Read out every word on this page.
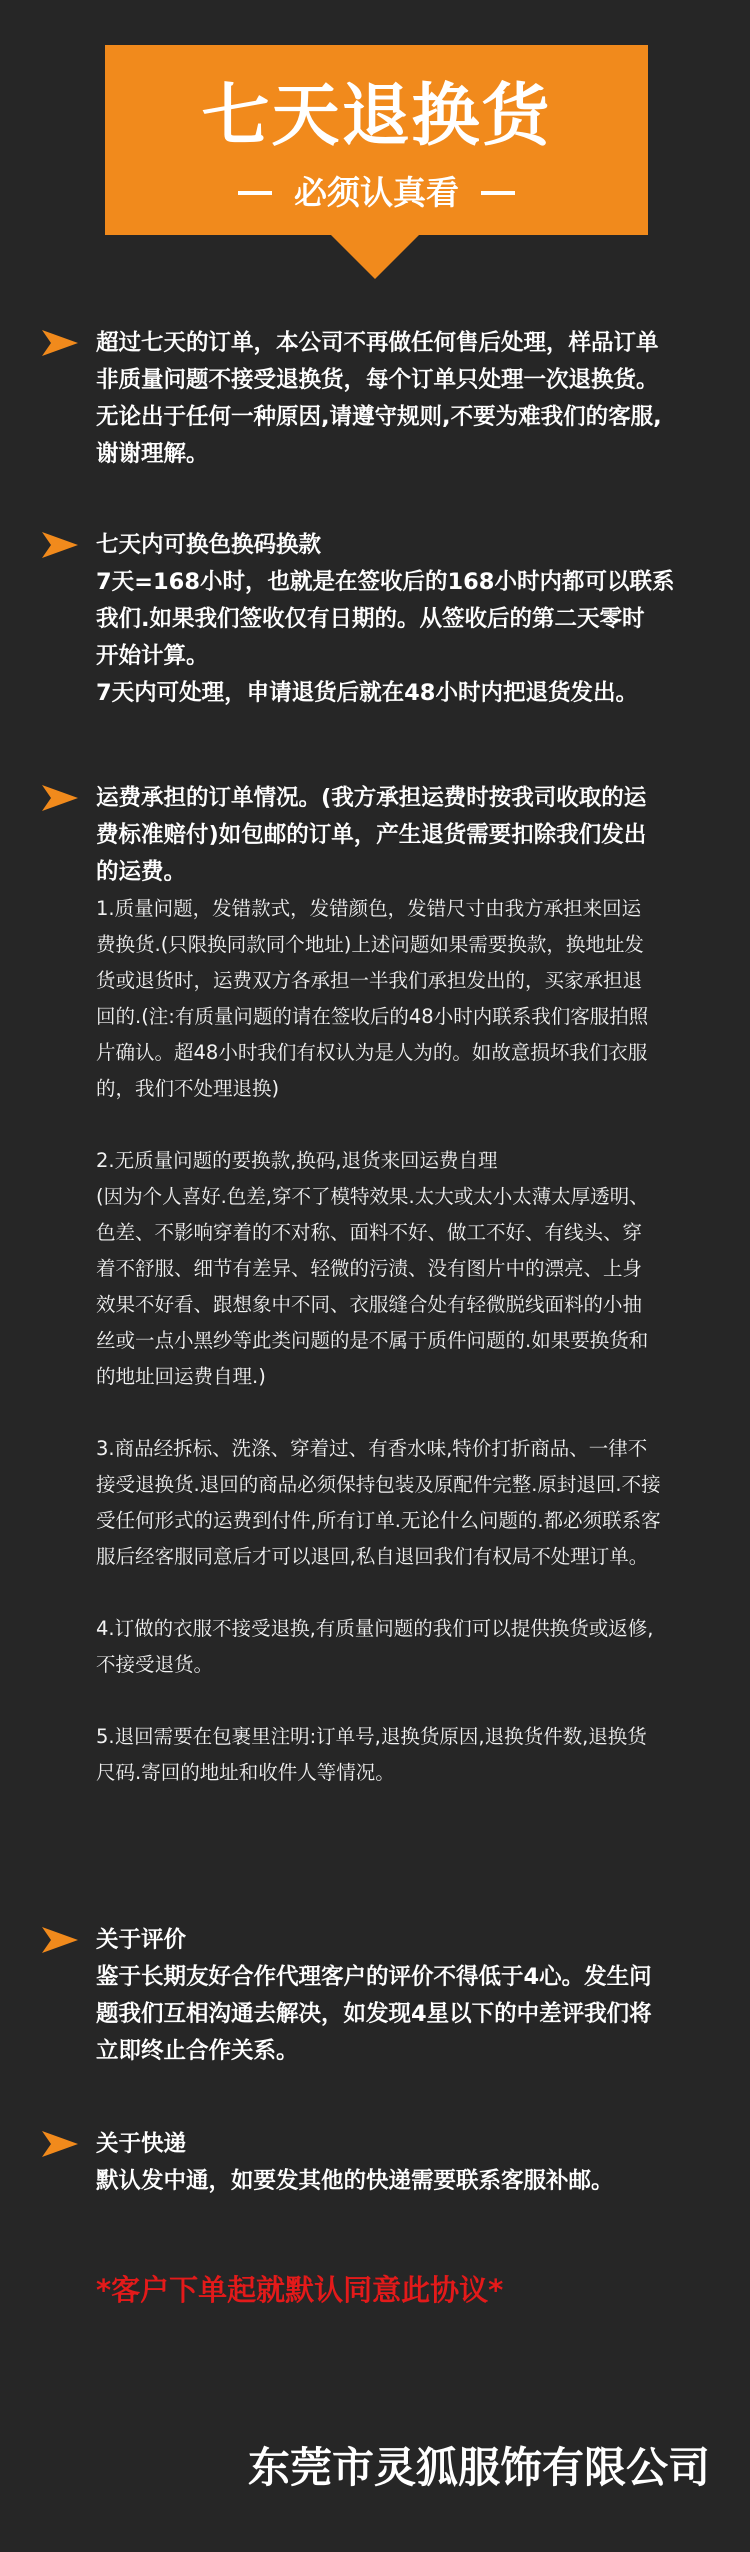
七天退换货
必须认真看
超过七天的订单，本公司不再做任何售后处理，样品订单
非质量问题不接受退换货，每个订单只处理一次退换货。
无论出于任何一种原因,请遵守规则,不要为难我们的客服,
谢谢理解。
七天内可换色换码换款
7天=168小时，也就是在签收后的168小时内都可以联系
我们.如果我们签收仅有日期的。从签收后的第二天零时
开始计算。
7天内可处理，申请退货后就在48小时内把退货发出。
运费承担的订单情况。(我方承担运费时按我司收取的运
费标准赔付)如包邮的订单，产生退货需要扣除我们发出
的运费。
1.质量问题，发错款式，发错颜色，发错尺寸由我方承担来回运
费换货.(只限换同款同个地址)上述问题如果需要换款，换地址发
货或退货时，运费双方各承担一半我们承担发出的，买家承担退
回的.(注:有质量问题的请在签收后的48小时内联系我们客服拍照
片确认。超48小时我们有权认为是人为的。如故意损坏我们衣服
的，我们不处理退换)
2.无质量问题的要换款,换码,退货来回运费自理
(因为个人喜好.色差,穿不了模特效果.太大或太小太薄太厚透明、
色差、不影响穿着的不对称、面料不好、做工不好、有线头、穿
着不舒服、细节有差异、轻微的污渍、没有图片中的漂亮、上身
效果不好看、跟想象中不同、衣服缝合处有轻微脱线面料的小抽
丝或一点小黑纱等此类问题的是不属于质件问题的.如果要换货和
的地址回运费自理.)
3.商品经拆标、洗涤、穿着过、有香水味,特价打折商品、一律不
接受退换货.退回的商品必须保持包装及原配件完整.原封退回.不接
受任何形式的运费到付件,所有订单.无论什么问题的.都必须联系客
服后经客服同意后才可以退回,私自退回我们有权局不处理订单。
4.订做的衣服不接受退换,有质量问题的我们可以提供换货或返修,
不接受退货。
5.退回需要在包裹里注明:订单号,退换货原因,退换货件数,退换货
尺码.寄回的地址和收件人等情况。
关于评价
鉴于长期友好合作代理客户的评价不得低于4心。发生问
题我们互相沟通去解决，如发现4星以下的中差评我们将
立即终止合作关系。
关于快递
默认发中通，如要发其他的快递需要联系客服补邮。
*客户下单起就默认同意此协议*
东莞市灵狐服饰有限公司
